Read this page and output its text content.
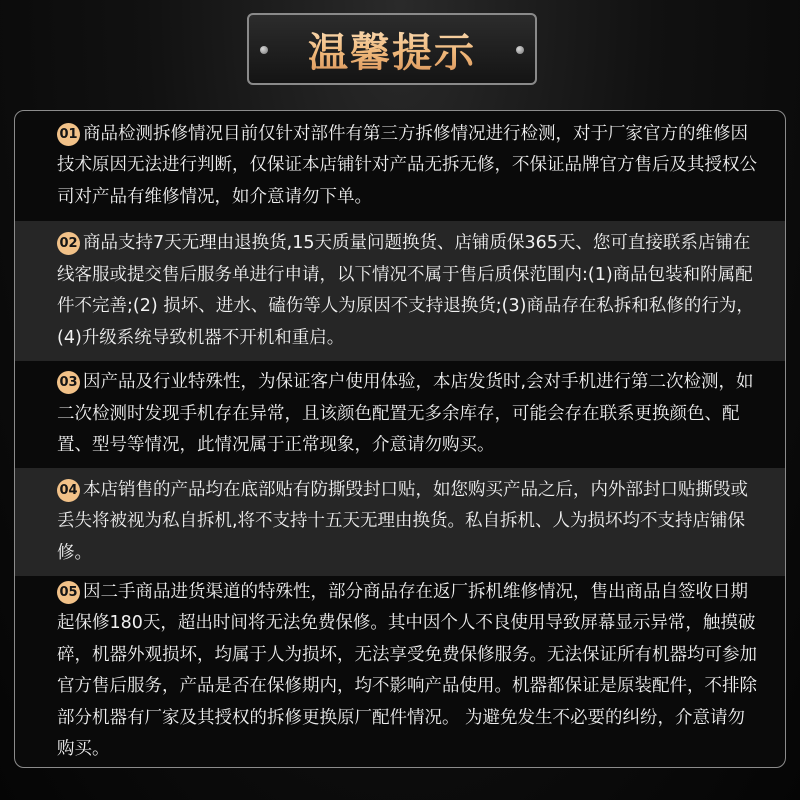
温馨提示

01 商品检测拆修情况目前仅针对部件有第三方拆修情况进行检测，对于厂家官方的维修因技术原因无法进行判断，仅保证本店铺针对产品无拆无修，不保证品牌官方售后及其授权公司对产品有维修情况，如介意请勿下单。

02 商品支持7天无理由退换货,15天质量问题换货、店铺质保365天、您可直接联系店铺在线客服或提交售后服务单进行申请，以下情况不属于售后质保范围内:(1)商品包装和附属配件不完善;(2) 损坏、进水、磕伤等人为原因不支持退换货;(3)商品存在私拆和私修的行为， (4)升级系统导致机器不开机和重启。

03 因产品及行业特殊性，为保证客户使用体验，本店发货时,会对手机进行第二次检测，如二次检测时发现手机存在异常，且该颜色配置无多余库存，可能会存在联系更换颜色、配置、型号等情况，此情况属于正常现象，介意请勿购买。

04 本店销售的产品均在底部贴有防撕毁封口贴，如您购买产品之后，内外部封口贴撕毁或丢失将被视为私自拆机,将不支持十五天无理由换货。私自拆机、人为损坏均不支持店铺保修。

05 因二手商品进货渠道的特殊性，部分商品存在返厂拆机维修情况，售出商品自签收日期起保修180天，超出时间将无法免费保修。其中因个人不良使用导致屏幕显示异常，触摸破碎，机器外观损坏，均属于人为损坏，无法享受免费保修服务。无法保证所有机器均可参加官方售后服务，产品是否在保修期内，均不影响产品使用。机器都保证是原装配件，不排除部分机器有厂家及其授权的拆修更换原厂配件情况。 为避免发生不必要的纠纷，介意请勿购买。
